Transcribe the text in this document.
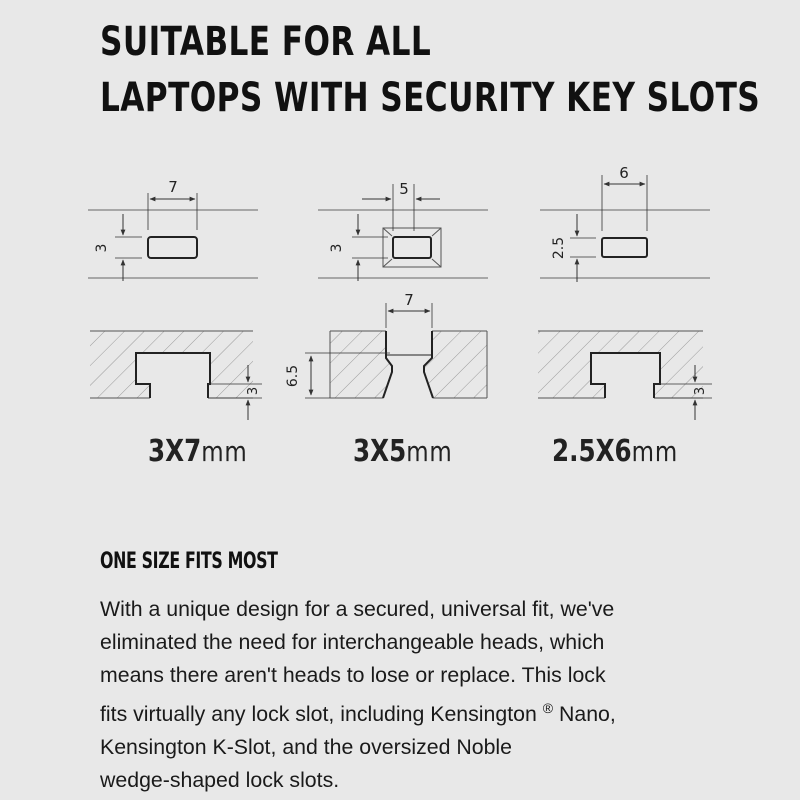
SUITABLE FOR ALL
LAPTOPS WITH SECURITY KEY SLOTS
7
3
3
5
3
7
6.5
6
2.5
3
3X7mm	3X5mm	2.5X6mm
ONE SIZE FITS MOST
With a unique design for a secured, universal fit, we've
eliminated the need for interchangeable heads, which
means there aren't heads to lose or replace. This lock
fits virtually any lock slot, including Kensington ® Nano,
Kensington K-Slot, and the oversized Noble
wedge-shaped lock slots.
